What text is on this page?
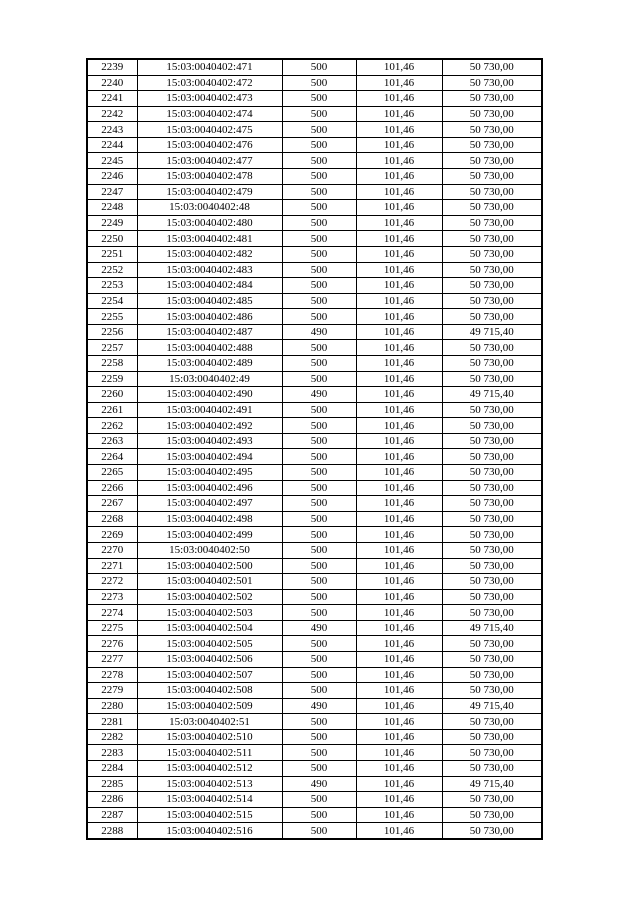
2239	15:03:0040402:471	500	101,46	50 730,00
2240	15:03:0040402:472	500	101,46	50 730,00
2241	15:03:0040402:473	500	101,46	50 730,00
2242	15:03:0040402:474	500	101,46	50 730,00
2243	15:03:0040402:475	500	101,46	50 730,00
2244	15:03:0040402:476	500	101,46	50 730,00
2245	15:03:0040402:477	500	101,46	50 730,00
2246	15:03:0040402:478	500	101,46	50 730,00
2247	15:03:0040402:479	500	101,46	50 730,00
2248	15:03:0040402:48	500	101,46	50 730,00
2249	15:03:0040402:480	500	101,46	50 730,00
2250	15:03:0040402:481	500	101,46	50 730,00
2251	15:03:0040402:482	500	101,46	50 730,00
2252	15:03:0040402:483	500	101,46	50 730,00
2253	15:03:0040402:484	500	101,46	50 730,00
2254	15:03:0040402:485	500	101,46	50 730,00
2255	15:03:0040402:486	500	101,46	50 730,00
2256	15:03:0040402:487	490	101,46	49 715,40
2257	15:03:0040402:488	500	101,46	50 730,00
2258	15:03:0040402:489	500	101,46	50 730,00
2259	15:03:0040402:49	500	101,46	50 730,00
2260	15:03:0040402:490	490	101,46	49 715,40
2261	15:03:0040402:491	500	101,46	50 730,00
2262	15:03:0040402:492	500	101,46	50 730,00
2263	15:03:0040402:493	500	101,46	50 730,00
2264	15:03:0040402:494	500	101,46	50 730,00
2265	15:03:0040402:495	500	101,46	50 730,00
2266	15:03:0040402:496	500	101,46	50 730,00
2267	15:03:0040402:497	500	101,46	50 730,00
2268	15:03:0040402:498	500	101,46	50 730,00
2269	15:03:0040402:499	500	101,46	50 730,00
2270	15:03:0040402:50	500	101,46	50 730,00
2271	15:03:0040402:500	500	101,46	50 730,00
2272	15:03:0040402:501	500	101,46	50 730,00
2273	15:03:0040402:502	500	101,46	50 730,00
2274	15:03:0040402:503	500	101,46	50 730,00
2275	15:03:0040402:504	490	101,46	49 715,40
2276	15:03:0040402:505	500	101,46	50 730,00
2277	15:03:0040402:506	500	101,46	50 730,00
2278	15:03:0040402:507	500	101,46	50 730,00
2279	15:03:0040402:508	500	101,46	50 730,00
2280	15:03:0040402:509	490	101,46	49 715,40
2281	15:03:0040402:51	500	101,46	50 730,00
2282	15:03:0040402:510	500	101,46	50 730,00
2283	15:03:0040402:511	500	101,46	50 730,00
2284	15:03:0040402:512	500	101,46	50 730,00
2285	15:03:0040402:513	490	101,46	49 715,40
2286	15:03:0040402:514	500	101,46	50 730,00
2287	15:03:0040402:515	500	101,46	50 730,00
2288	15:03:0040402:516	500	101,46	50 730,00
